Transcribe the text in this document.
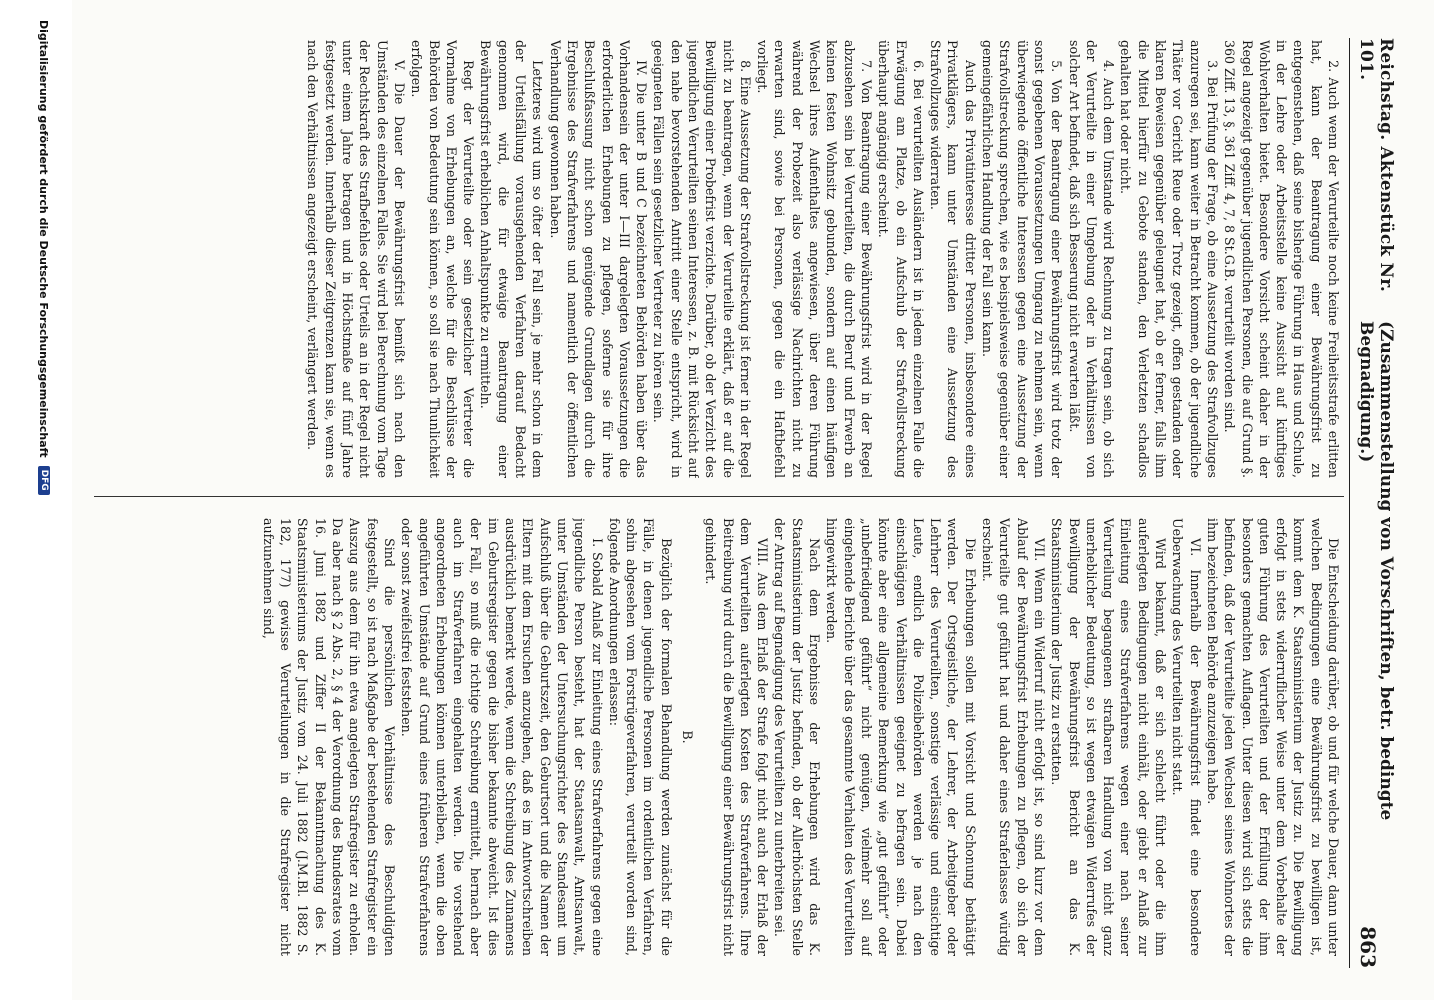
Reichstag. Aktenstück Nr. 101.
(Zusammenstellung von Vorschriften, betr. bedingte Begnadigung.)
863

2. Auch wenn der Verurteilte noch keine Freiheitsstrafe erlitten hat, kann der Beantragung einer Bewährungsfrist zu entgegenstehen, daß seine bisherige Führung in Haus und Schule, in der Lehre oder Arbeitsstelle keine Aussicht auf künftiges Wohlverhalten bietet. Besondere Vorsicht scheint daher in der Regel angezeigt gegenüber jugendlichen Personen, die auf Grund §. 360 Ziff. 13, §. 361 Ziff. 4, 7, 8 St.G.B. verurteilt worden sind.

3. Bei Prüfung der Frage, ob eine Aussetzung des Strafvollzuges anzuregen sei, kann weiter in Betracht kommen, ob der jugendliche Thäter vor Gericht Reue oder Trotz gezeigt, offen gestanden oder klaren Beweisen gegenüber geleugnet hat, ob er ferner, falls ihm die Mittel hierfür zu Gebote standen, den Verletzten schadlos gehalten hat oder nicht.

4. Auch dem Umstande wird Rechnung zu tragen sein, ob sich der Verurteilte in einer Umgebung oder in Verhältnissen von solcher Art befindet, daß sich Besserung nicht erwarten läßt.

5. Von der Beantragung einer Bewährungsfrist wird trotz der sonst gegebenen Voraussetzungen Umgang zu nehmen sein, wenn überwiegende öffentliche Interessen gegen eine Aussetzung der Strafvollstreckung sprechen, wie es beispielsweise gegenüber einer gemeingefährlichen Handlung der Fall sein kann.

Auch das Privatinteresse dritter Personen, insbesondere eines Privatklägers, kann unter Umständen eine Aussetzung des Strafvollzuges widerraten.

6. Bei verurteilten Ausländern ist in jedem einzelnen Falle die Erwägung am Platze, ob ein Aufschub der Strafvollstreckung überhaupt angängig erscheint.

7. Von Beantragung einer Bewährungsfrist wird in der Regel abzusehen sein bei Verurteilten, die durch Beruf und Erwerb an keinen festen Wohnsitz gebunden, sondern auf einen häufigen Wechsel ihres Aufenthaltes angewiesen, über deren Führung während der Probezeit also verlässige Nachrichten nicht zu erwarten sind, sowie bei Personen, gegen die ein Haftbefehl vorliegt.

8. Eine Aussetzung der Strafvollstreckung ist ferner in der Regel nicht zu beantragen, wenn der Verurteilte erklärt, daß er auf die Bewilligung einer Probefrist verzichte. Darüber, ob der Verzicht des jugendlichen Verurteilten seinen Interessen, z. B. mit Rücksicht auf den nahe bevorstehenden Antritt einer Stelle entspricht, wird in geeigneten Fällen sein gesetzlicher Vertreter zu hören sein.

IV. Die unter B und C bezeichneten Behörden haben über das Vorhandensein der unter I—III dargelegten Voraussetzungen die erforderlichen Erhebungen zu pflegen, soferne sie für ihre Beschlußfassung nicht schon genügende Grundlagen durch die Ergebnisse des Strafverfahrens und namentlich der öffentlichen Verhandlung gewonnen haben.

Letzteres wird um so öfter der Fall sein, je mehr schon in dem der Urteilsfällung vorausgehenden Verfahren darauf Bedacht genommen wird, die für etwaige Beantragung einer Bewährungsfrist erheblichen Anhaltspunkte zu ermitteln.

Regt der Verurteilte oder sein gesetzlicher Vertreter die Vornahme von Erhebungen an, welche für die Beschlüsse der Behörden von Bedeutung sein können, so soll sie nach Thunlichkeit erfolgen.

V. Die Dauer der Bewährungsfrist bemißt sich nach den Umständen des einzelnen Falles. Sie wird bei Berechnung vom Tage der Rechtskraft des Strafbefehles oder Urteils an in der Regel nicht unter einem Jahre betragen und in Höchstmaße auf fünf Jahre festgesetzt werden. Innerhalb dieser Zeitgrenzen kann sie, wenn es nach den Verhältnissen angezeigt erscheint, verlängert werden.

Die Entscheidung darüber, ob und für welche Dauer, dann unter welchen Bedingungen eine Bewährungsfrist zu bewilligen ist, kommt dem K. Staatsministerium der Justiz zu. Die Bewilligung erfolgt in stets widerruflicher Weise unter dem Vorbehalte der guten Führung des Verurteilten und der Erfüllung der ihm besonders gemachten Auflagen. Unter diesen wird sich stets die befinden, daß der Verurteilte jeden Wechsel seines Wohnortes der ihm bezeichneten Behörde anzuzeigen habe.

VI. Innerhalb der Bewährungsfrist findet eine besondere Ueberwachung des Verurteilten nicht statt.

Wird bekannt, daß er sich schlecht führt oder die ihm auferlegten Bedingungen nicht einhält, oder giebt er Anlaß zur Einleitung eines Strafverfahrens wegen einer nach seiner Verurteilung begangenen strafbaren Handlung von nicht ganz unerheblicher Bedeutung, so ist wegen etwaigen Widerrufes der Bewilligung der Bewährungsfrist Bericht an das K. Staatsministerium der Justiz zu erstatten.

VII. Wenn ein Widerruf nicht erfolgt ist, so sind kurz vor dem Ablauf der Bewährungsfrist Erhebungen zu pflegen, ob sich der Verurteilte gut geführt hat und daher eines Straferlasses würdig erscheint.

Die Erhebungen sollen mit Vorsicht und Schonung bethätigt werden. Der Ortsgeistliche, der Lehrer, der Arbeitgeber oder Lehrherr des Verurteilten, sonstige verlässige und einsichtige Leute, endlich die Polizeibehörden werden je nach den einschlägigen Verhältnissen geeignet zu befragen sein. Dabei könnte aber eine allgemeine Bemerkung wie „gut geführt“ oder „unbefriedigend geführt“ nicht genügen, vielmehr soll auf eingehende Berichte über das gesammte Verhalten des Verurteilten hingewirkt werden.

Nach dem Ergebnisse der Erhebungen wird das K. Staatsministerium der Justiz befinden, ob der Allerhöchsten Stelle der Antrag auf Begnadigung des Verurteilten zu unterbreiten sei.

VIII. Aus dem Erlaß der Strafe folgt nicht auch der Erlaß der dem Verurteilten auferlegten Kosten des Strafverfahrens. Ihre Beitreibung wird durch die Bewilligung einer Bewährungsfrist nicht gehindert.

B.

Bezüglich der formalen Behandlung werden zunächst für die Fälle, in denen jugendliche Personen im ordentlichen Verfahren, sohin abgesehen vom Forstrügeverfahren, verurteilt worden sind, folgende Anordnungen erlassen:

I. Sobald Anlaß zur Einleitung eines Strafverfahrens gegen eine jugendliche Person besteht, hat der Staatsanwalt, Amtsanwalt, unter Umständen der Untersuchungsrichter des Standesamt um Aufschluß über die Geburtszeit, den Geburtsort und die Namen der Eltern mit dem Ersuchen anzugehen, daß es im Antwortschreiben ausdrücklich bemerkt werde, wenn die Schreibung des Zunamens im Geburtsregister gegen die bisher bekannte abweicht. Ist dies der Fall, so muß die richtige Schreibung ermittelt, hernach aber auch im Strafverfahren eingehalten werden. Die vorstehend angeordneten Erhebungen können unterbleiben, wenn die oben angeführten Umstände auf Grund eines früheren Strafverfahrens oder sonst zweifelsfrei feststehen.

Sind die persönlichen Verhältnisse des Beschuldigten festgestellt, so ist nach Maßgabe der bestehenden Strafregister ein Auszug aus dem für ihn etwa angelegten Strafregister zu erholen. Da aber nach § 2 Abs. 2, § 4 der Verordnung des Bundesrates vom 16. Juni 1882 und Ziffer II der Bekanntmachung des K. Staatsministeriums der Justiz vom 24. Juli 1882 (J.M.Bl. 1882 S. 182, 177) gewisse Verurteilungen in die Strafregister nicht aufzunehmen sind,

Digitalisierung gefördert durch die Deutsche Forschungsgemeinschaft
DFG
